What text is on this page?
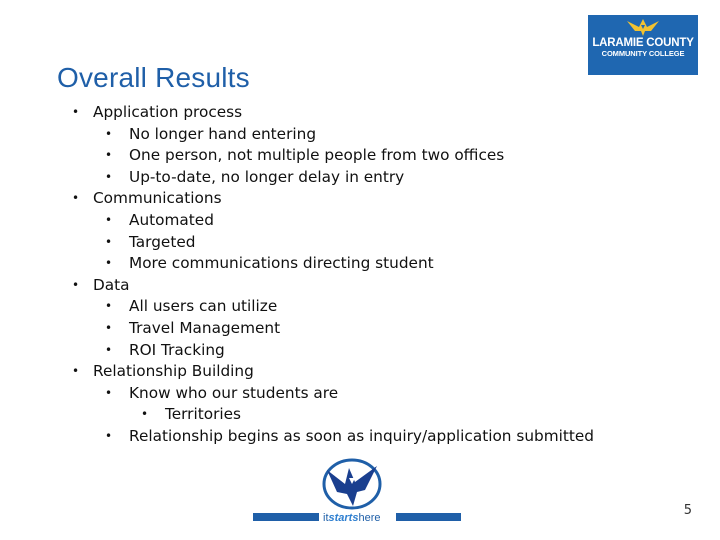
Overall Results
LARAMIE COUNTY
COMMUNITY COLLEGE
• Application process
• No longer hand entering
• One person, not multiple people from two offices
• Up-to-date, no longer delay in entry
• Communications
• Automated
• Targeted
• More communications directing student
• Data
• All users can utilize
• Travel Management
• ROI Tracking
• Relationship Building
• Know who our students are
• Territories
• Relationship begins as soon as inquiry/application submitted
itstartshere	5
